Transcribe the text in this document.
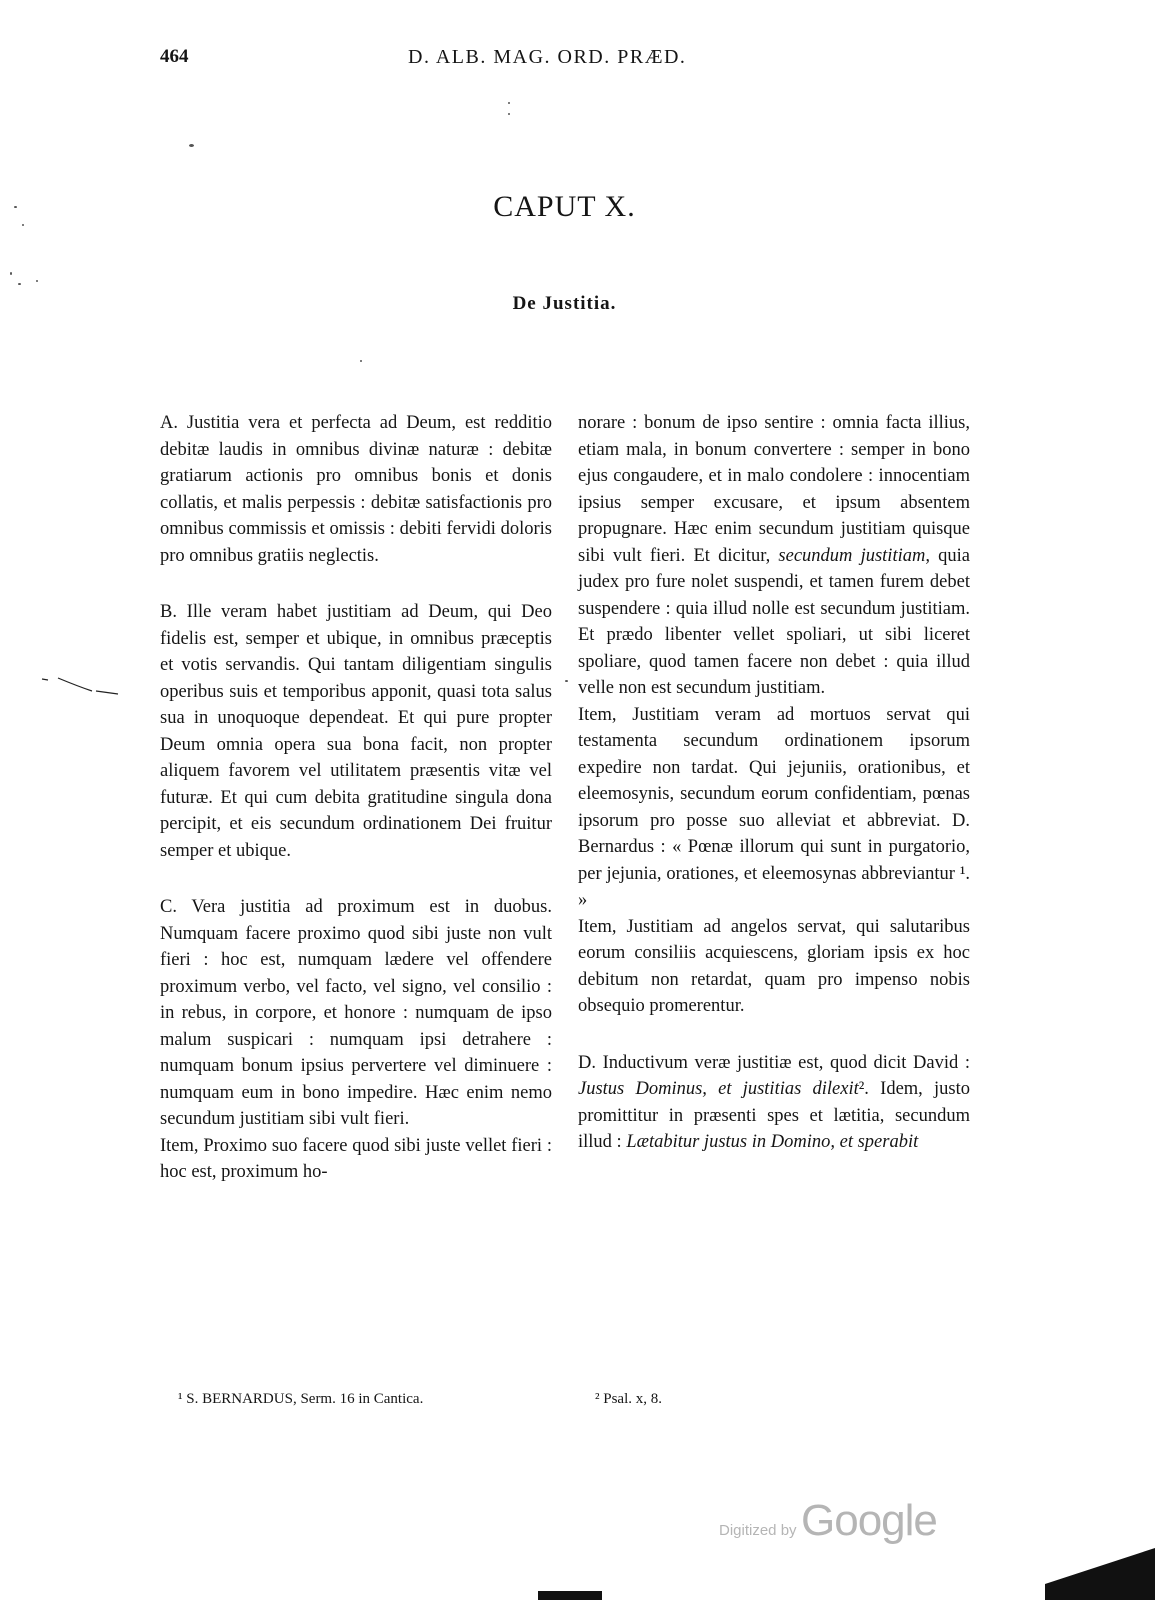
464	D. ALB. MAG. ORD. PRÆD.
CAPUT X.
De Justitia.

A. Justitia vera et perfecta ad Deum, est redditio debitæ laudis in omnibus divinæ naturæ : debitæ gratiarum actionis pro omnibus bonis et donis collatis, et malis perpessis : debitæ satisfactionis pro omnibus commissis et omissis : debiti fervidi doloris pro omnibus gratiis neglectis.

B. Ille veram habet justitiam ad Deum, qui Deo fidelis est, semper et ubique, in omnibus præceptis et votis servandis. Qui tantam diligentiam singulis operibus suis et temporibus apponit, quasi tota salus sua in unoquoque dependeat. Et qui pure propter Deum omnia opera sua bona facit, non propter aliquem favorem vel utilitatem præsentis vitæ vel futuræ. Et qui cum debita gratitudine singula dona percipit, et eis secundum ordinationem Dei fruitur semper et ubique.

C. Vera justitia ad proximum est in duobus. Numquam facere proximo quod sibi juste non vult fieri : hoc est, numquam lædere vel offendere proximum verbo, vel facto, vel signo, vel consilio : in rebus, in corpore, et honore : numquam de ipso malum suspicari : numquam ipsi detrahere : numquam bonum ipsius pervertere vel diminuere : numquam eum in bono impedire. Hæc enim nemo secundum justitiam sibi vult fieri.

Item, Proximo suo facere quod sibi juste vellet fieri : hoc est, proximum ho-

norare : bonum de ipso sentire : omnia facta illius, etiam mala, in bonum convertere : semper in bono ejus congaudere, et in malo condolere : innocentiam ipsius semper excusare, et ipsum absentem propugnare. Hæc enim secundum justitiam quisque sibi vult fieri. Et dicitur, secundum justitiam, quia judex pro fure nolet suspendi, et tamen furem debet suspendere : quia illud nolle est secundum justitiam. Et prædo libenter vellet spoliari, ut sibi liceret spoliare, quod tamen facere non debet : quia illud velle non est secundum justitiam.

Item, Justitiam veram ad mortuos servat qui testamenta secundum ordinationem ipsorum expedire non tardat. Qui jejuniis, orationibus, et eleemosynis, secundum eorum confidentiam, pœnas ipsorum pro posse suo alleviat et abbreviat. D. Bernardus : « Pœnæ illorum qui sunt in purgatorio, per jejunia, orationes, et eleemosynas abbreviantur ¹. »

Item, Justitiam ad angelos servat, qui salutaribus eorum consiliis acquiescens, gloriam ipsis ex hoc debitum non retardat, quam pro impenso nobis obsequio promerentur.

D. Inductivum veræ justitiæ est, quod dicit David : Justus Dominus, et justitias dilexit². Idem, justo promittitur in præsenti spes et lætitia, secundum illud : Lætabitur justus in Domino, et sperabit

¹ S. BERNARDUS, Serm. 16 in Cantica.	² Psal. x, 8.
Digitized by Google
